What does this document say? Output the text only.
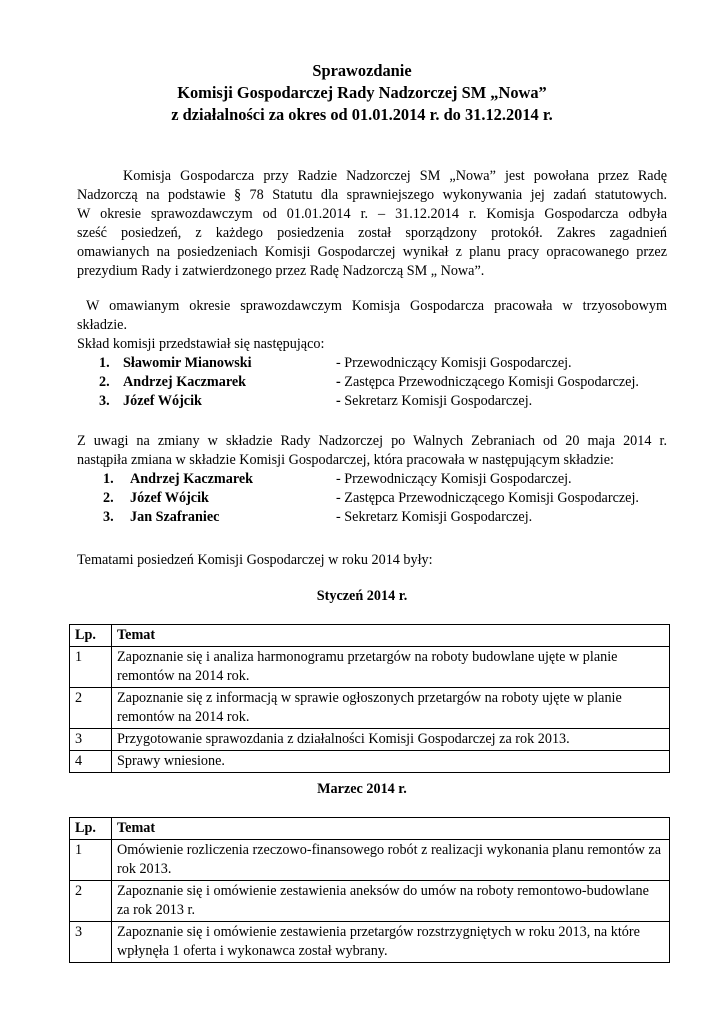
Sprawozdanie
Komisji Gospodarczej Rady Nadzorczej SM „Nowa”
z działalności za okres od 01.01.2014 r. do 31.12.2014 r.
Komisja Gospodarcza przy Radzie Nadzorczej SM „Nowa” jest powołana przez Radę
Nadzorczą na podstawie § 78 Statutu dla sprawniejszego wykonywania jej zadań statutowych.
W okresie sprawozdawczym od 01.01.2014 r. – 31.12.2014 r. Komisja Gospodarcza odbyła
sześć posiedzeń, z każdego posiedzenia został sporządzony protokół. Zakres zagadnień
omawianych na posiedzeniach Komisji Gospodarczej wynikał z planu pracy opracowanego przez
prezydium Rady i zatwierdzonego przez Radę Nadzorczą SM „ Nowa”.
W omawianym okresie sprawozdawczym Komisja Gospodarcza pracowała w trzyosobowym
składzie.
Skład komisji przedstawiał się następująco:
1. Sławomir Mianowski	- Przewodniczący Komisji Gospodarczej.
2. Andrzej Kaczmarek	- Zastępca Przewodniczącego Komisji Gospodarczej.
3. Józef Wójcik	- Sekretarz Komisji Gospodarczej.
Z uwagi na zmiany w składzie Rady Nadzorczej po Walnych Zebraniach od 20 maja 2014 r.
nastąpiła zmiana w składzie Komisji Gospodarczej, która pracowała w następującym składzie:
1. Andrzej Kaczmarek	- Przewodniczący Komisji Gospodarczej.
2. Józef Wójcik	- Zastępca Przewodniczącego Komisji Gospodarczej.
3. Jan Szafraniec	- Sekretarz Komisji Gospodarczej.
Tematami posiedzeń Komisji Gospodarczej w roku 2014 były:
Styczeń 2014 r.
Lp.	Temat
1	Zapoznanie się i analiza harmonogramu przetargów na roboty budowlane ujęte w planie remontów na 2014 rok.
2	Zapoznanie się z informacją w sprawie ogłoszonych przetargów na roboty ujęte w planie remontów na 2014 rok.
3	Przygotowanie sprawozdania z działalności Komisji Gospodarczej za rok 2013.
4	Sprawy wniesione.
Marzec 2014 r.
Lp.	Temat
1	Omówienie rozliczenia rzeczowo-finansowego robót z realizacji wykonania planu remontów za rok 2013.
2	Zapoznanie się i omówienie zestawienia aneksów do umów na roboty remontowo-budowlane za rok 2013 r.
3	Zapoznanie się i omówienie zestawienia przetargów rozstrzygniętych w roku 2013, na które wpłynęła 1 oferta i wykonawca został wybrany.
